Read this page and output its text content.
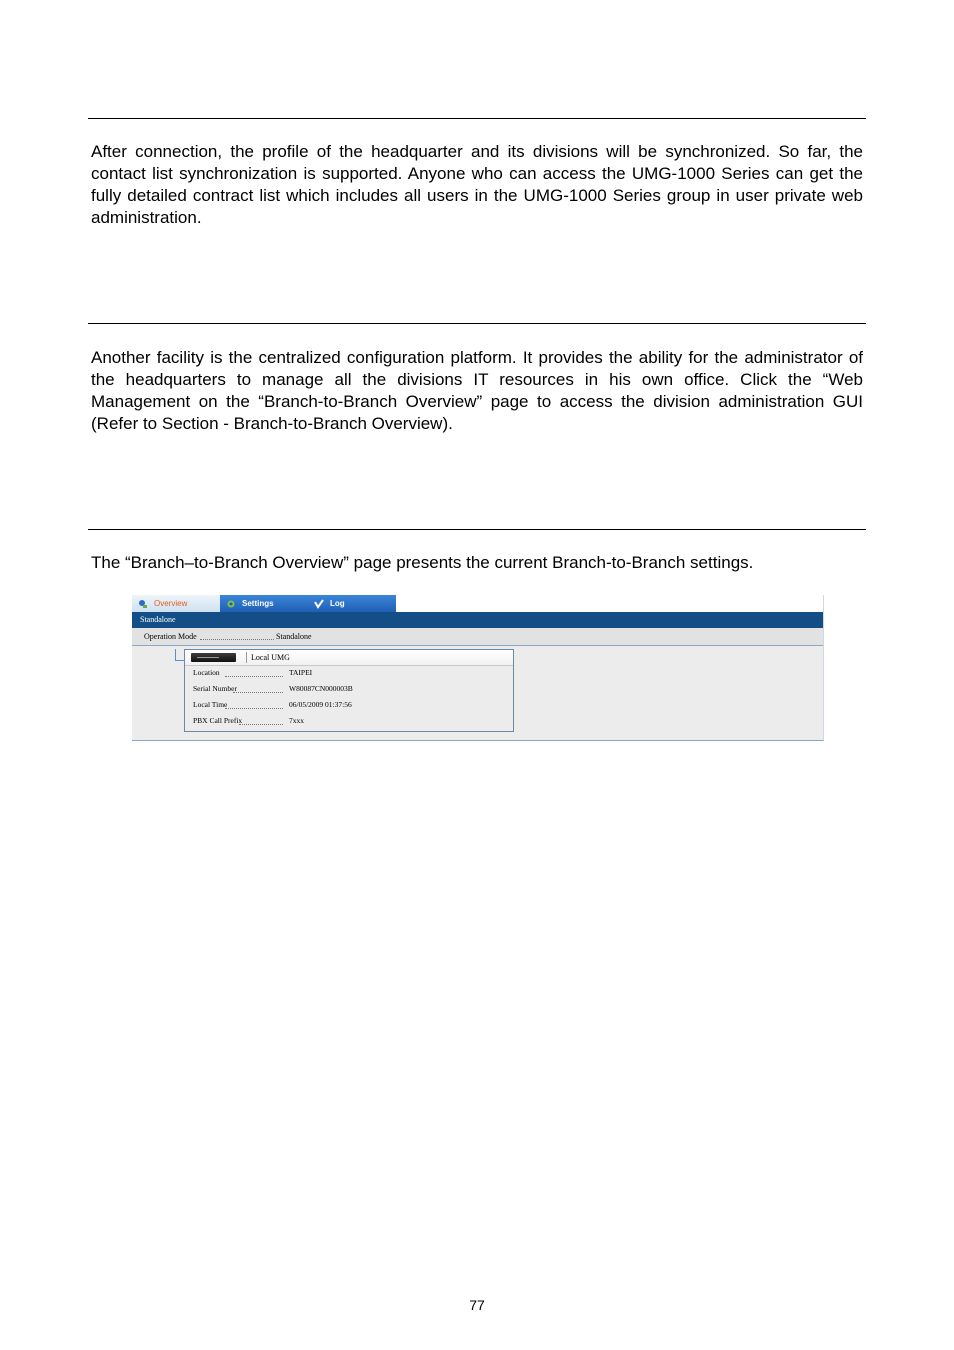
After connection, the profile of the headquarter and its divisions will be synchronized. So far, the contact list synchronization is supported. Anyone who can access the UMG-1000 Series can get the fully detailed contract list which includes all users in the UMG-1000 Series group in user private web administration.

Another facility is the centralized configuration platform. It provides the ability for the administrator of the headquarters to manage all the divisions IT resources in his own office. Click the “Web Management on the “Branch-to-Branch Overview” page to access the division administration GUI (Refer to Section - Branch-to-Branch Overview).

The “Branch–to-Branch Overview” page presents the current Branch-to-Branch settings.

Overview	Settings	Log
Standalone
Operation Mode	Standalone
Local UMG
Location	TAIPEI
Serial Number	W80087CN000003B
Local Time	06/05/2009 01:37:56
PBX Call Prefix	7xxx
77
